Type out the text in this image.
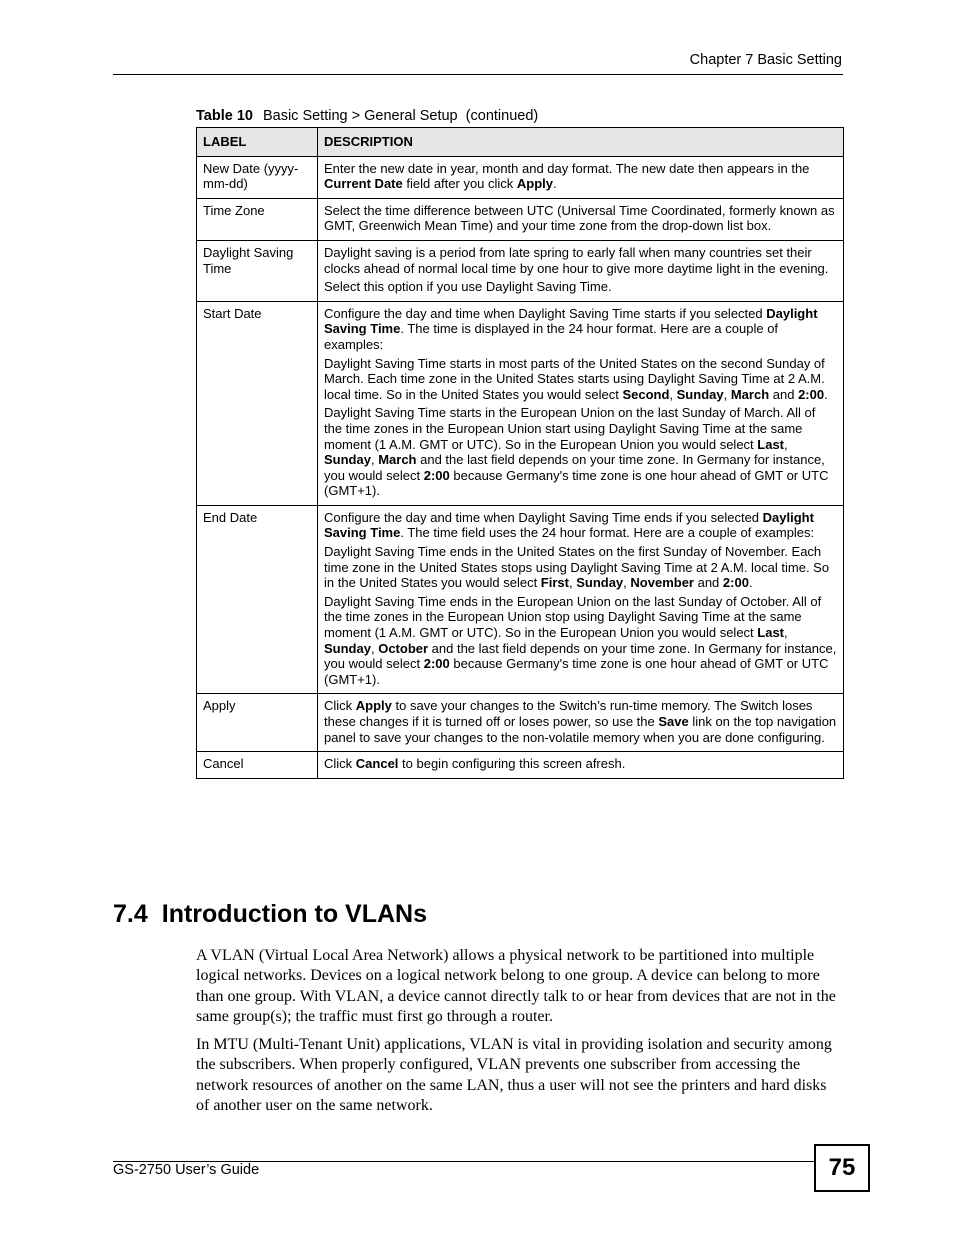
Chapter 7 Basic Setting
Table 10 Basic Setting > General Setup  (continued)
LABEL	DESCRIPTION
New Date (yyyy-mm-dd)	Enter the new date in year, month and day format. The new date then appears in the Current Date field after you click Apply.

Time Zone	Select the time difference between UTC (Universal Time Coordinated, formerly known as GMT, Greenwich Mean Time) and your time zone from the drop-down list box.

Daylight Saving Time	Daylight saving is a period from late spring to early fall when many countries set their clocks ahead of normal local time by one hour to give more daytime light in the evening.
Select this option if you use Daylight Saving Time.

Start Date	Configure the day and time when Daylight Saving Time starts if you selected Daylight Saving Time. The time is displayed in the 24 hour format. Here are a couple of examples:
Daylight Saving Time starts in most parts of the United States on the second Sunday of March. Each time zone in the United States starts using Daylight Saving Time at 2 A.M. local time. So in the United States you would select Second, Sunday, March and 2:00.
Daylight Saving Time starts in the European Union on the last Sunday of March. All of the time zones in the European Union start using Daylight Saving Time at the same moment (1 A.M. GMT or UTC). So in the European Union you would select Last, Sunday, March and the last field depends on your time zone. In Germany for instance, you would select 2:00 because Germany's time zone is one hour ahead of GMT or UTC (GMT+1).

End Date	Configure the day and time when Daylight Saving Time ends if you selected Daylight Saving Time. The time field uses the 24 hour format. Here are a couple of examples:
Daylight Saving Time ends in the United States on the first Sunday of November. Each time zone in the United States stops using Daylight Saving Time at 2 A.M. local time. So in the United States you would select First, Sunday, November and 2:00.
Daylight Saving Time ends in the European Union on the last Sunday of October. All of the time zones in the European Union stop using Daylight Saving Time at the same moment (1 A.M. GMT or UTC). So in the European Union you would select Last, Sunday, October and the last field depends on your time zone. In Germany for instance, you would select 2:00 because Germany's time zone is one hour ahead of GMT or UTC (GMT+1).

Apply	Click Apply to save your changes to the Switch’s run-time memory. The Switch loses these changes if it is turned off or loses power, so use the Save link on the top navigation panel to save your changes to the non-volatile memory when you are done configuring.

Cancel	Click Cancel to begin configuring this screen afresh.
7.4 Introduction to VLANs

A VLAN (Virtual Local Area Network) allows a physical network to be partitioned into multiple logical networks. Devices on a logical network belong to one group. A device can belong to more than one group. With VLAN, a device cannot directly talk to or hear from devices that are not in the same group(s); the traffic must first go through a router.

In MTU (Multi-Tenant Unit) applications, VLAN is vital in providing isolation and security among the subscribers. When properly configured, VLAN prevents one subscriber from accessing the network resources of another on the same LAN, thus a user will not see the printers and hard disks of another user on the same network.

GS-2750 User’s Guide	75
